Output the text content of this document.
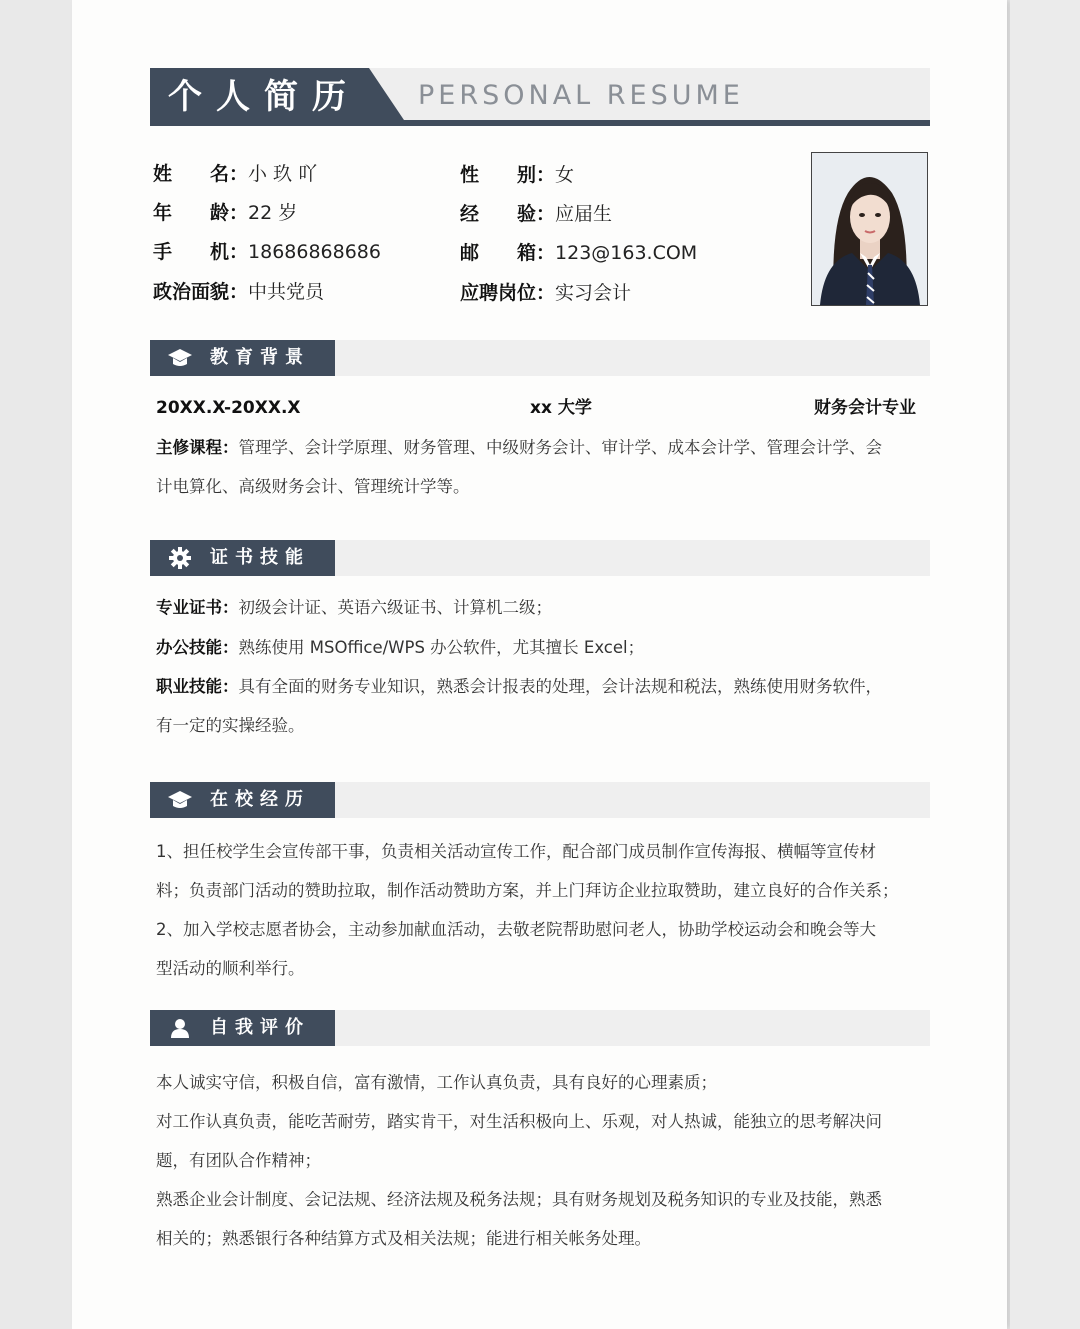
个人简历 PERSONAL RESUME
姓　　名：小 玖 吖	性　　别：女
年　　龄：22 岁	经　　验：应届生
手　　机：18686868686	邮　　箱：123@163.COM
政治面貌：中共党员	应聘岗位：实习会计
教育背景
20XX.X-20XX.X	xx 大学	财务会计专业
主修课程：管理学、会计学原理、财务管理、中级财务会计、审计学、成本会计学、管理会计学、会
计电算化、高级财务会计、管理统计学等。
证书技能
专业证书：初级会计证、英语六级证书、计算机二级；
办公技能：熟练使用 MSOffice/WPS 办公软件，尤其擅长 Excel；
职业技能：具有全面的财务专业知识，熟悉会计报表的处理，会计法规和税法，熟练使用财务软件，
有一定的实操经验。
在校经历
1、担任校学生会宣传部干事，负责相关活动宣传工作，配合部门成员制作宣传海报、横幅等宣传材
料；负责部门活动的赞助拉取，制作活动赞助方案，并上门拜访企业拉取赞助，建立良好的合作关系；
2、加入学校志愿者协会，主动参加献血活动，去敬老院帮助慰问老人，协助学校运动会和晚会等大
型活动的顺利举行。
自我评价
本人诚实守信，积极自信，富有激情，工作认真负责，具有良好的心理素质；
对工作认真负责，能吃苦耐劳，踏实肯干，对生活积极向上、乐观，对人热诚，能独立的思考解决问
题，有团队合作精神；
熟悉企业会计制度、会记法规、经济法规及税务法规；具有财务规划及税务知识的专业及技能，熟悉
相关的；熟悉银行各种结算方式及相关法规；能进行相关帐务处理。
